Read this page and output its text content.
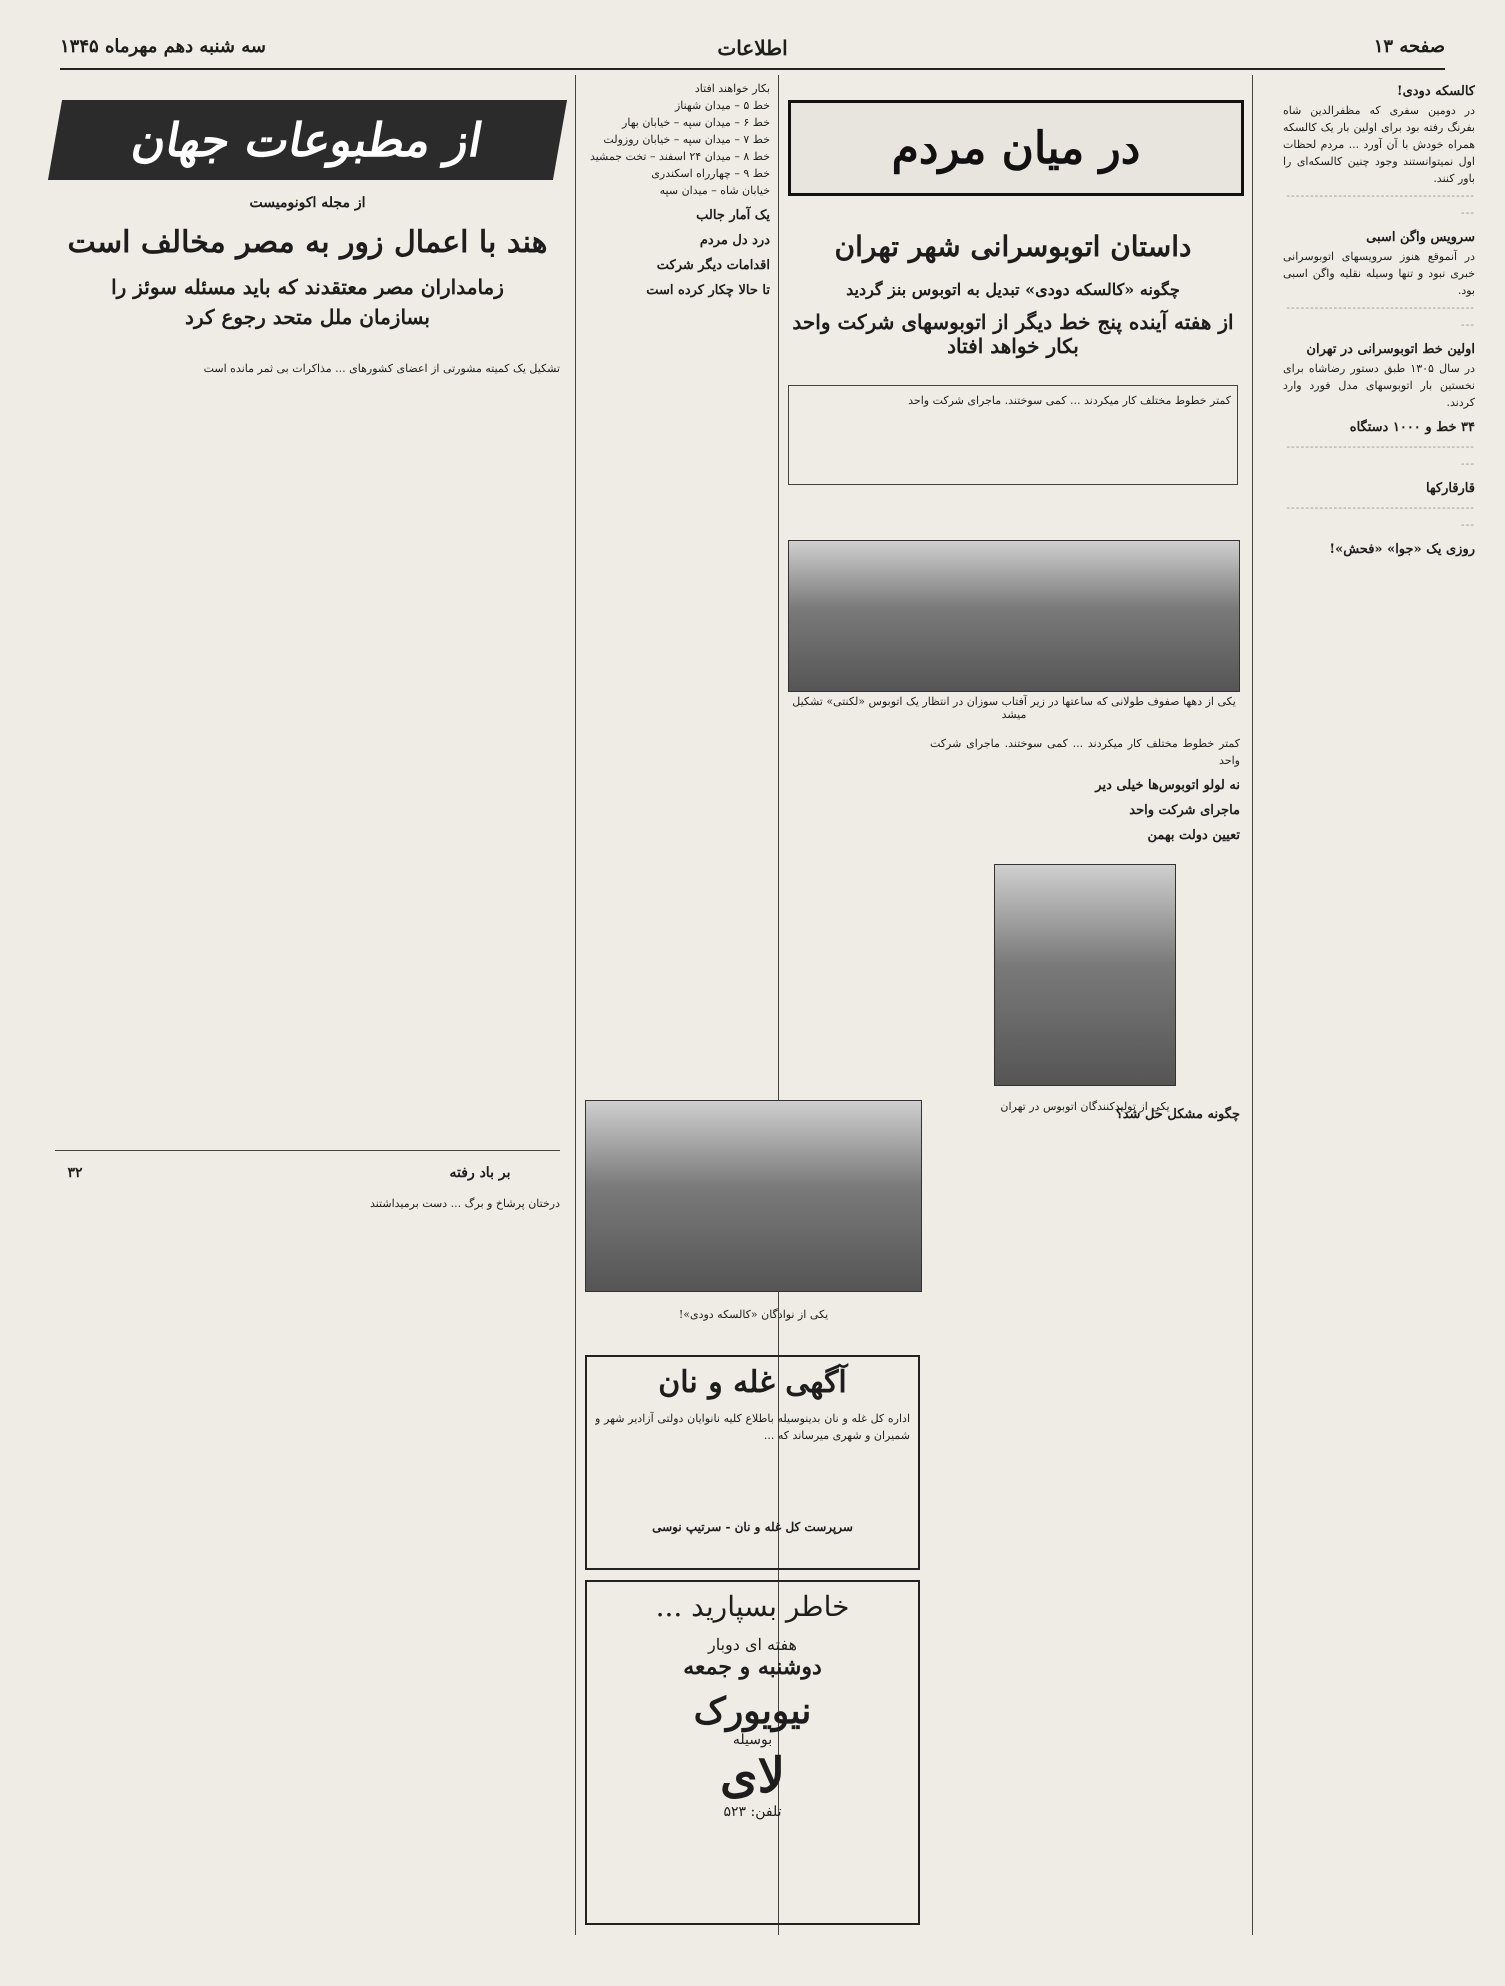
صفحه ۱۳
اطلاعات
سه شنبه دهم مهرماه ۱۳۴۵
کالسکه دودی!
در دومین سفری که مظفرالدین شاه بفرنگ رفته بود برای اولین بار یک کالسکه همراه خودش با آن آورد ... مردم لحظات اول نمیتوانستند وجود چنین کالسکه‌ای را باور کنند.
-------------------------------------------
سرویس واگن اسبی
در آنموقع هنوز سرویسهای اتوبوسرانی خبری نبود و تنها وسیله نقلیه واگن اسبی بود.
-------------------------------------------
اولین خط اتوبوسرانی در تهران
در سال ۱۳۰۵ طبق دستور رضاشاه برای نخستین بار اتوبوسهای مدل فورد وارد کردند.
۳۴ خط و ۱۰۰۰ دستگاه
-------------------------------------------
قارقارکها
-------------------------------------------
روزی یک «جوا» «فحش»!
در میان مردم
داستان اتوبوسرانی شهر تهران
چگونه «کالسکه دودی» تبدیل به اتوبوس بنز گردید
از هفته آینده پنج خط دیگر از اتوبوسهای شرکت واحد بکار خواهد افتاد
کمتر خطوط مختلف کار میکردند ... کمی سوختند. ماجرای شرکت واحد
یکی از دهها صفوف طولانی که ساعتها در زیر آفتاب سوزان در انتظار یک اتوبوس «لکنتی» تشکیل میشد
کمتر خطوط مختلف کار میکردند ... کمی سوختند. ماجرای شرکت واحد
نه لولو اتوبوس‌ها خیلی دیر
ماجرای شرکت واحد
تعیین دولت بهمن
یکی از تولیدکنندگان اتوبوس در تهران
چگونه مشکل حل شد؟
بکار خواهند افتاد
خط ۵ – میدان شهناز
خط ۶ – میدان سپه – خیابان بهار
خط ۷ – میدان سپه – خیابان روزولت
خط ۸ – میدان ۲۴ اسفند – تخت جمشید
خط ۹ – چهارراه اسکندری
خیابان شاه – میدان سپه
یک آمار جالب
درد دل مردم
اقدامات دیگر شرکت
تا حالا چکار کرده است
یکی از نوادگان «کالسکه دودی»!
آگهی غله و نان
اداره کل غله و نان بدینوسیله باطلاع کلیه نانوایان دولتی آزادیر شهر و شمیران و شهری میرساند که ...
سرپرست کل غله و نان - سرتیپ نوسی
خاطر بسپارید ...
هفته ای دوبار
دوشنبه و جمعه
نیویورک
بوسیله
لای
تلفن: ۵۲۳
از مطبوعات جهان
از مجله اکونومیست
هند با اعمال زور به مصر مخالف است
زمامداران مصر معتقدند که باید مسئله سوئز را
بسازمان ملل متحد رجوع کرد
تشکیل یک کمیته مشورتی از اعضای کشورهای ... مذاکرات بی ثمر مانده است
بر باد رفته
۳۲
درختان پرشاخ و برگ ... دست برمیداشتند
